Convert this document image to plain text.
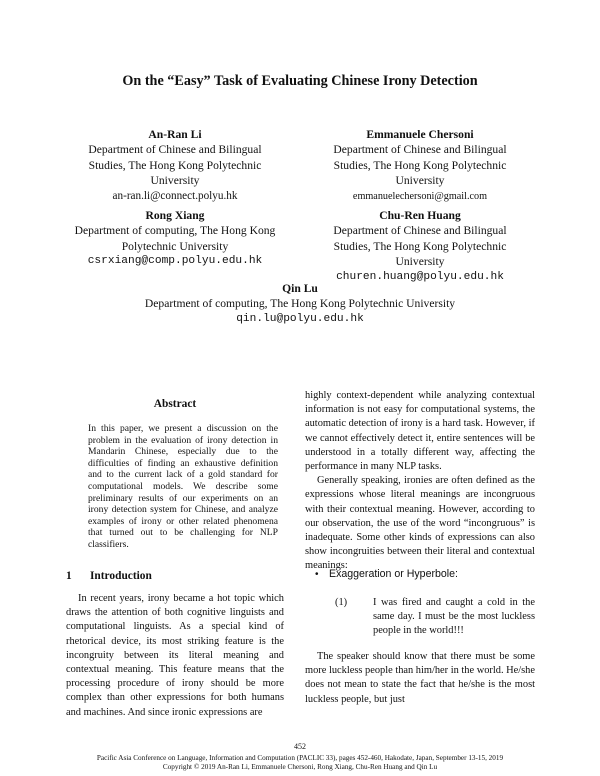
On the “Easy” Task of Evaluating Chinese Irony Detection
An-Ran Li
Department of Chinese and Bilingual
Studies, The Hong Kong Polytechnic
University
an-ran.li@connect.polyu.hk
Emmanuele Chersoni
Department of Chinese and Bilingual
Studies, The Hong Kong Polytechnic
University
emmanuelechersoni@gmail.com
Rong Xiang
Department of computing, The Hong Kong
Polytechnic University
csrxiang@comp.polyu.edu.hk
Chu-Ren Huang
Department of Chinese and Bilingual
Studies, The Hong Kong Polytechnic
University
churen.huang@polyu.edu.hk
Qin Lu
Department of computing, The Hong Kong Polytechnic University
qin.lu@polyu.edu.hk
Abstract
In this paper, we present a discussion on the problem in the evaluation of irony detection in Mandarin Chinese, especially due to the difficulties of finding an exhaustive definition and to the current lack of a gold standard for computational models. We describe some preliminary results of our experiments on an irony detection system for Chinese, and analyze examples of irony or other related phenomena that turned out to be challenging for NLP classifiers.
1 Introduction

In recent years, irony became a hot topic which draws the attention of both cognitive linguists and computational linguists. As a special kind of rhetorical device, its most striking feature is the incongruity between its literal meaning and contextual meaning. This feature means that the processing procedure of irony should be more complex than other expressions for both humans and machines. And since ironic expressions are

highly context-dependent while analyzing contextual information is not easy for computational systems, the automatic detection of irony is a hard task. However, if we cannot effectively detect it, entire sentences will be understood in a totally different way, affecting the performance in many NLP tasks.

Generally speaking, ironies are often defined as the expressions whose literal meanings are incongruous with their contextual meaning. However, according to our observation, the use of the word “incongruous” is inadequate. Some other kinds of expressions can also show incongruities between their literal and contextual meanings:

• Exaggeration or Hyperbole:
(1) I was fired and caught a cold in the same day. I must be the most luckless people in the world!!!

The speaker should know that there must be some more luckless people than him/her in the world. He/she does not mean to state the fact that he/she is the most luckless people, but just

452
Pacific Asia Conference on Language, Information and Computation (PACLIC 33), pages 452-460, Hakodate, Japan, September 13-15, 2019
Copyright © 2019 An-Ran Li, Emmanuele Chersoni, Rong Xiang, Chu-Ren Huang and Qin Lu
